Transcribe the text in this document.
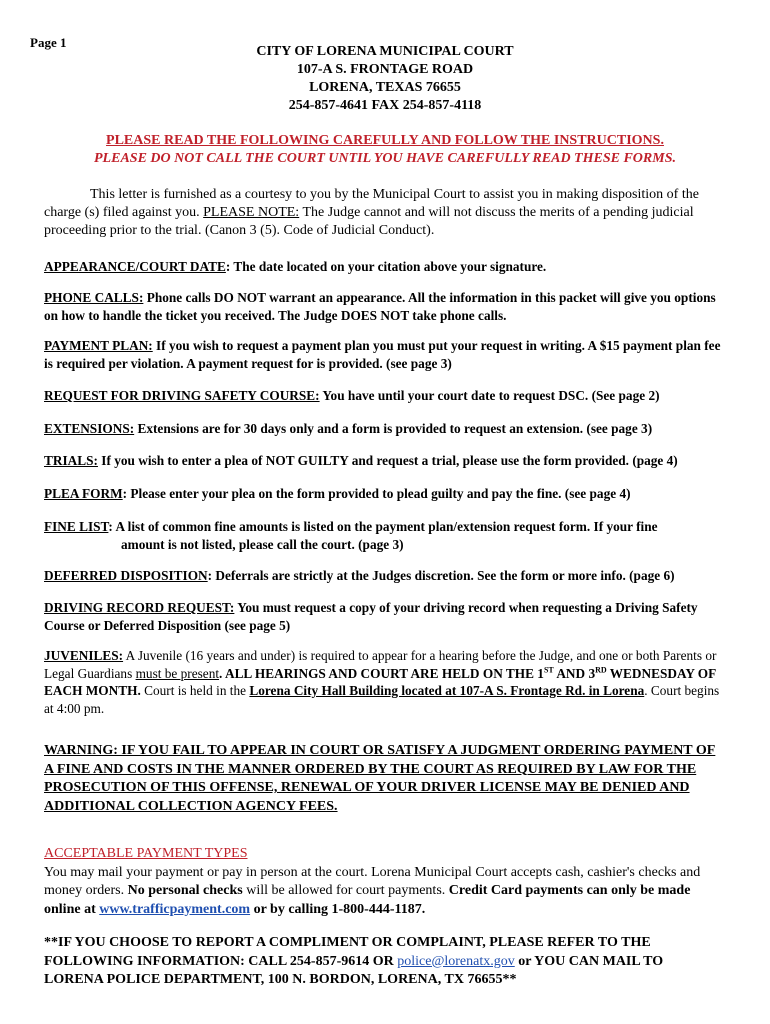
Page 1
CITY OF LORENA MUNICIPAL COURT
107-A S. FRONTAGE ROAD
LORENA, TEXAS 76655
254-857-4641 FAX 254-857-4118
PLEASE READ THE FOLLOWING CAREFULLY AND FOLLOW THE INSTRUCTIONS.
PLEASE DO NOT CALL THE COURT UNTIL YOU HAVE CAREFULLY READ THESE FORMS.
This letter is furnished as a courtesy to you by the Municipal Court to assist you in making disposition of the charge (s) filed against you. PLEASE NOTE: The Judge cannot and will not discuss the merits of a pending judicial proceeding prior to the trial. (Canon 3 (5). Code of Judicial Conduct).
APPEARANCE/COURT DATE: The date located on your citation above your signature.
PHONE CALLS: Phone calls DO NOT warrant an appearance. All the information in this packet will give you options on how to handle the ticket you received. The Judge DOES NOT take phone calls.
PAYMENT PLAN: If you wish to request a payment plan you must put your request in writing. A $15 payment plan fee is required per violation. A payment request for is provided. (see page 3)
REQUEST FOR DRIVING SAFETY COURSE: You have until your court date to request DSC. (See page 2)
EXTENSIONS: Extensions are for 30 days only and a form is provided to request an extension. (see page 3)
TRIALS: If you wish to enter a plea of NOT GUILTY and request a trial, please use the form provided. (page 4)
PLEA FORM: Please enter your plea on the form provided to plead guilty and pay the fine. (see page 4)
FINE LIST: A list of common fine amounts is listed on the payment plan/extension request form. If your fine
amount is not listed, please call the court. (page 3)
DEFERRED DISPOSITION: Deferrals are strictly at the Judges discretion. See the form or more info. (page 6)
DRIVING RECORD REQUEST: You must request a copy of your driving record when requesting a Driving Safety Course or Deferred Disposition (see page 5)
JUVENILES: A Juvenile (16 years and under) is required to appear for a hearing before the Judge, and one or both Parents or Legal Guardians must be present. ALL HEARINGS AND COURT ARE HELD ON THE 1ST AND 3RD WEDNESDAY OF EACH MONTH. Court is held in the Lorena City Hall Building located at 107-A S. Frontage Rd. in Lorena. Court begins at 4:00 pm.
WARNING: IF YOU FAIL TO APPEAR IN COURT OR SATISFY A JUDGMENT ORDERING PAYMENT OF A FINE AND COSTS IN THE MANNER ORDERED BY THE COURT AS REQUIRED BY LAW FOR THE PROSECUTION OF THIS OFFENSE, RENEWAL OF YOUR DRIVER LICENSE MAY BE DENIED AND ADDITIONAL COLLECTION AGENCY FEES.
ACCEPTABLE PAYMENT TYPES
You may mail your payment or pay in person at the court. Lorena Municipal Court accepts cash, cashier's checks and money orders. No personal checks will be allowed for court payments. Credit Card payments can only be made online at www.trafficpayment.com or by calling 1-800-444-1187.
**IF YOU CHOOSE TO REPORT A COMPLIMENT OR COMPLAINT, PLEASE REFER TO THE FOLLOWING INFORMATION: CALL 254-857-9614 OR police@lorenatx.gov or YOU CAN MAIL TO LORENA POLICE DEPARTMENT, 100 N. BORDON, LORENA, TX 76655**
